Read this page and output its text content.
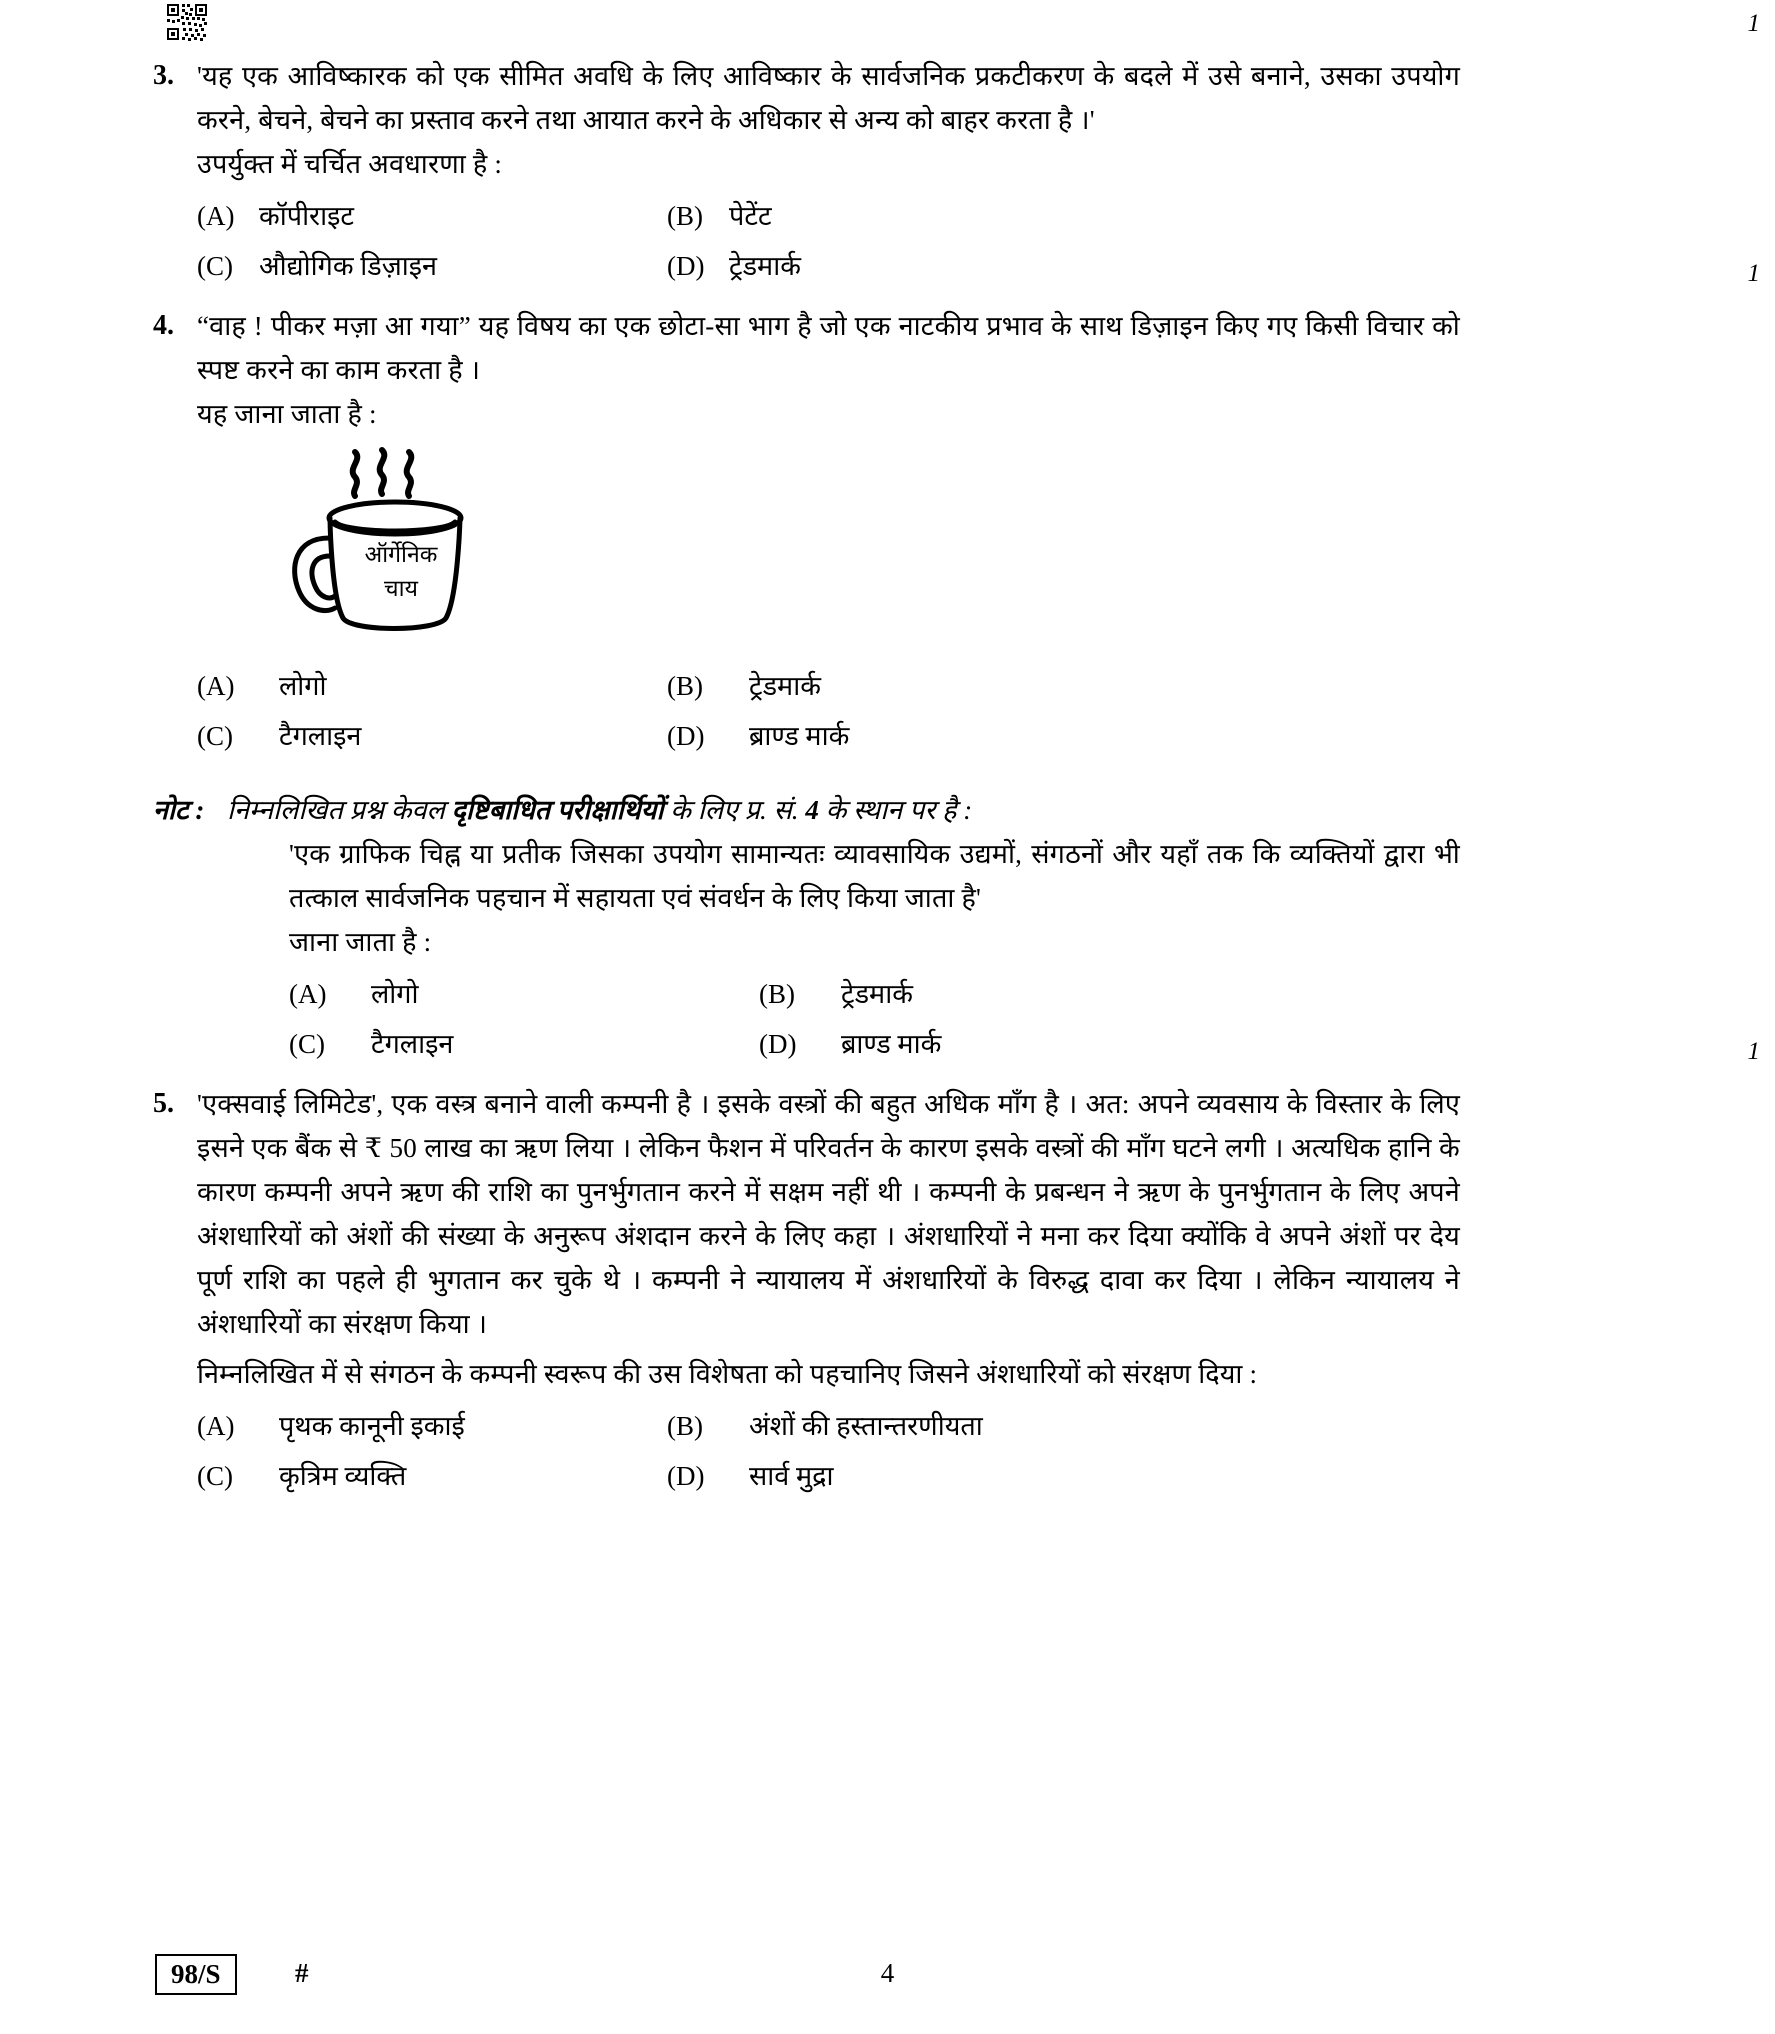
3. 'यह एक आविष्कारक को एक सीमित अवधि के लिए आविष्कार के सार्वजनिक प्रकटीकरण के बदले में उसे बनाने, उसका उपयोग करने, बेचने, बेचने का प्रस्ताव करने तथा आयात करने के अधिकार से अन्य को बाहर करता है ।'
उपर्युक्त में चर्चित अवधारणा है :
1
(A) कॉपीराइट	(B) पेटेंट
(C) औद्योगिक डिज़ाइन	(D) ट्रेडमार्क
4. “वाह ! पीकर मज़ा आ गया” यह विषय का एक छोटा-सा भाग है जो एक नाटकीय प्रभाव के साथ डिज़ाइन किए गए किसी विचार को स्पष्ट करने का काम करता है ।
यह जाना जाता है :
1
ऑर्गेनिक
चाय
(A)	लोगो	(B)	ट्रेडमार्क
(C)	टैगलाइन	(D)	ब्राण्ड मार्क
नोट : निम्नलिखित प्रश्न केवल दृष्टिबाधित परीक्षार्थियों के लिए प्र. सं. 4 के स्थान पर है :
'एक ग्राफिक चिह्न या प्रतीक जिसका उपयोग सामान्यतः व्यावसायिक उद्यमों, संगठनों और यहाँ तक कि व्यक्तियों द्वारा भी तत्काल सार्वजनिक पहचान में सहायता एवं संवर्धन के लिए किया जाता है'
जाना जाता है :
(A)	लोगो	(B)	ट्रेडमार्क
(C)	टैगलाइन	(D)	ब्राण्ड मार्क
5. 'एक्सवाई लिमिटेड', एक वस्त्र बनाने वाली कम्पनी है । इसके वस्त्रों की बहुत अधिक माँग है । अत: अपने व्यवसाय के विस्तार के लिए इसने एक बैंक से ₹ 50 लाख का ऋण लिया । लेकिन फैशन में परिवर्तन के कारण इसके वस्त्रों की माँग घटने लगी । अत्यधिक हानि के कारण कम्पनी अपने ऋण की राशि का पुनर्भुगतान करने में सक्षम नहीं थी । कम्पनी के प्रबन्धन ने ऋण के पुनर्भुगतान के लिए अपने अंशधारियों को अंशों की संख्या के अनुरूप अंशदान करने के लिए कहा । अंशधारियों ने मना कर दिया क्योंकि वे अपने अंशों पर देय पूर्ण राशि का पहले ही भुगतान कर चुके थे । कम्पनी ने न्यायालय में अंशधारियों के विरुद्ध दावा कर दिया । लेकिन न्यायालय ने अंशधारियों का संरक्षण किया ।
निम्नलिखित में से संगठन के कम्पनी स्वरूप की उस विशेषता को पहचानिए जिसने अंशधारियों को संरक्षण दिया :
1
(A)	पृथक कानूनी इकाई	(B)	अंशों की हस्तान्तरणीयता
(C)	कृत्रिम व्यक्ति	(D)	सार्व मुद्रा
98/S	#	4
